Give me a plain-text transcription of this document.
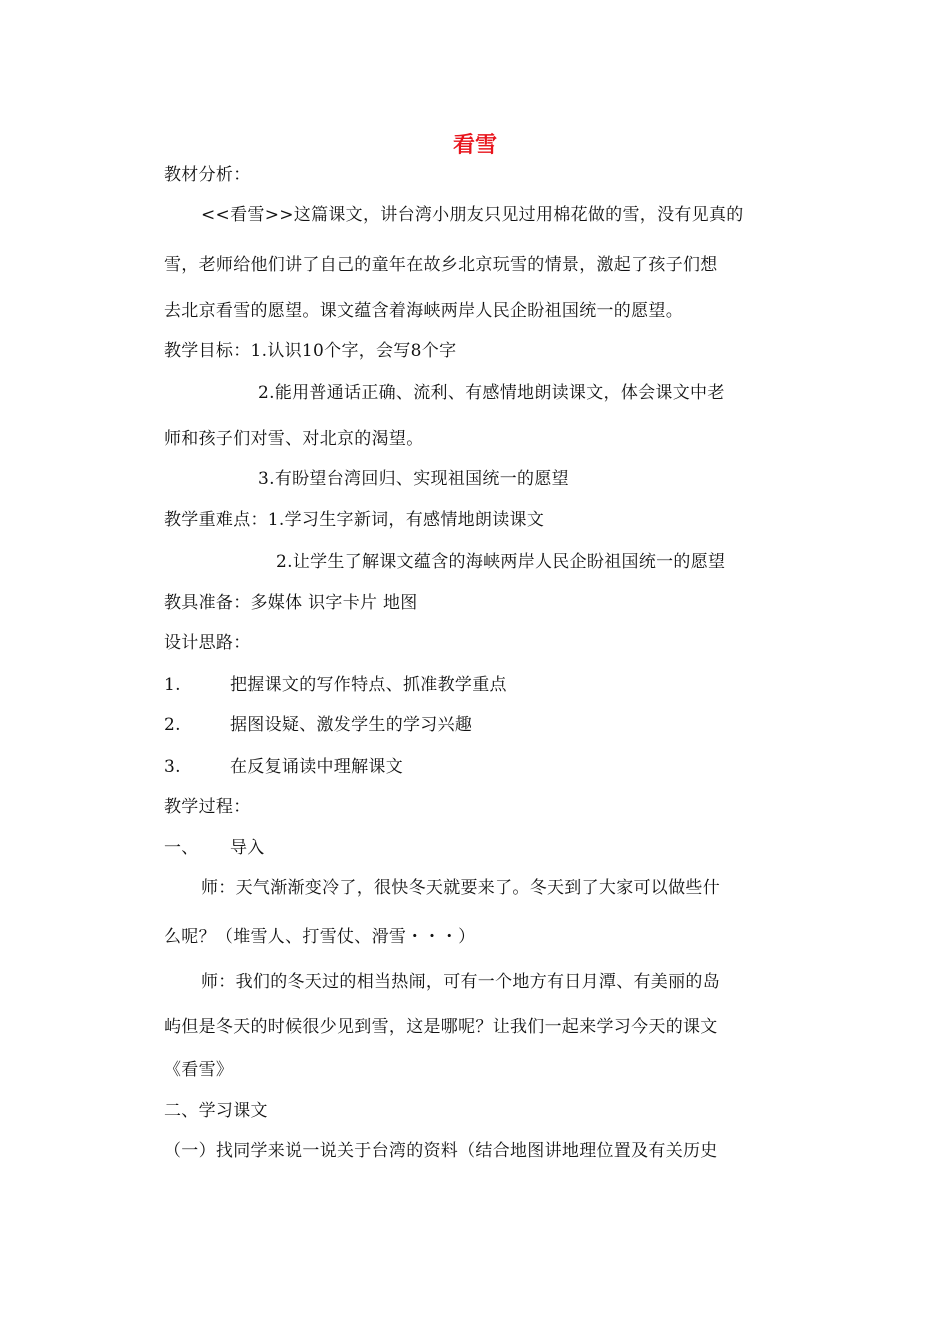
看雪
教材分析：
<<看雪>>这篇课文，讲台湾小朋友只见过用棉花做的雪，没有见真的
雪，老师给他们讲了自己的童年在故乡北京玩雪的情景，激起了孩子们想
去北京看雪的愿望。课文蕴含着海峡两岸人民企盼祖国统一的愿望。
教学目标：1.认识10个字，会写8个字
2.能用普通话正确、流利、有感情地朗读课文，体会课文中老
师和孩子们对雪、对北京的渴望。
3.有盼望台湾回归、实现祖国统一的愿望
教学重难点：1.学习生字新词，有感情地朗读课文
2.让学生了解课文蕴含的海峡两岸人民企盼祖国统一的愿望
教具准备：多媒体 识字卡片 地图
设计思路：
1.	把握课文的写作特点、抓准教学重点
2.	据图设疑、激发学生的学习兴趣
3.	在反复诵读中理解课文
教学过程：
一、 导入
师：天气渐渐变冷了，很快冬天就要来了。冬天到了大家可以做些什
么呢？（堆雪人、打雪仗、滑雪・・・）
师：我们的冬天过的相当热闹，可有一个地方有日月潭、有美丽的岛
屿但是冬天的时候很少见到雪，这是哪呢？让我们一起来学习今天的课文
《看雪》
二、学习课文
（一）找同学来说一说关于台湾的资料（结合地图讲地理位置及有关历史
